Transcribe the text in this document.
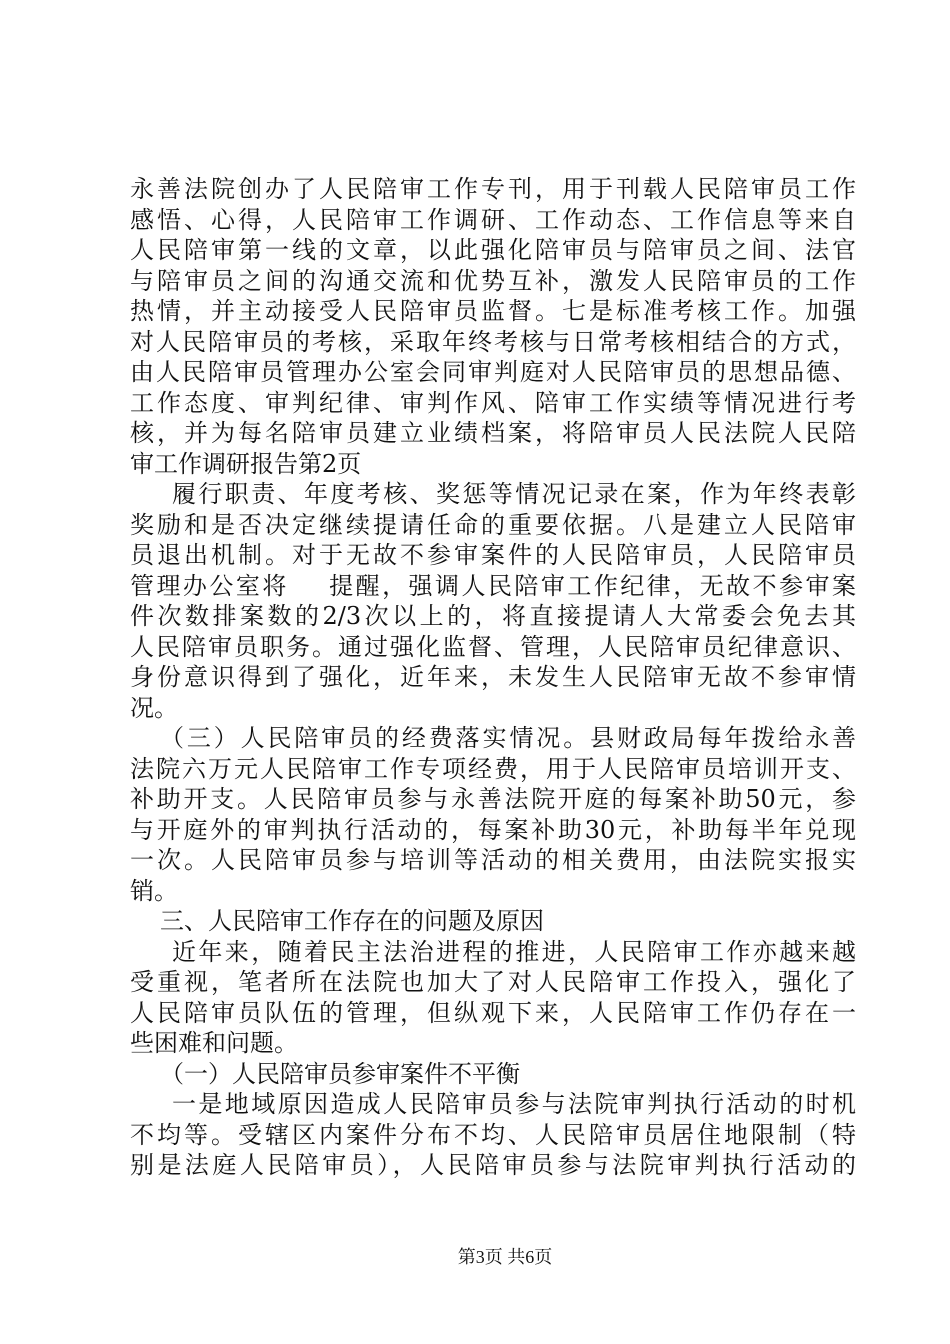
永善法院创办了人民陪审工作专刊，用于刊载人民陪审员工作
感悟、心得，人民陪审工作调研、工作动态、工作信息等来自
人民陪审第一线的文章，以此强化陪审员与陪审员之间、法官
与陪审员之间的沟通交流和优势互补，激发人民陪审员的工作
热情，并主动接受人民陪审员监督。七是标准考核工作。加强
对人民陪审员的考核，采取年终考核与日常考核相结合的方式，
由人民陪审员管理办公室会同审判庭对人民陪审员的思想品德、
工作态度、审判纪律、审判作风、陪审工作实绩等情况进行考
核，并为每名陪审员建立业绩档案，将陪审员人民法院人民陪
审工作调研报告第2页
履行职责、年度考核、奖惩等情况记录在案，作为年终表彰
奖励和是否决定继续提请任命的重要依据。八是建立人民陪审
员退出机制。对于无故不参审案件的人民陪审员，人民陪审员
管理办公室将    提醒，强调人民陪审工作纪律，无故不参审案
件次数排案数的2/3次以上的，将直接提请人大常委会免去其
人民陪审员职务。通过强化监督、管理，人民陪审员纪律意识、
身份意识得到了强化，近年来，未发生人民陪审无故不参审情
况。
（三）人民陪审员的经费落实情况。县财政局每年拨给永善
法院六万元人民陪审工作专项经费，用于人民陪审员培训开支、
补助开支。人民陪审员参与永善法院开庭的每案补助50元，参
与开庭外的审判执行活动的，每案补助30元，补助每半年兑现
一次。人民陪审员参与培训等活动的相关费用，由法院实报实
销。
三、人民陪审工作存在的问题及原因
近年来，随着民主法治进程的推进，人民陪审工作亦越来越
受重视，笔者所在法院也加大了对人民陪审工作投入，强化了
人民陪审员队伍的管理，但纵观下来，人民陪审工作仍存在一
些困难和问题。
（一）人民陪审员参审案件不平衡
一是地域原因造成人民陪审员参与法院审判执行活动的时机
不均等。受辖区内案件分布不均、人民陪审员居住地限制（特
别是法庭人民陪审员），人民陪审员参与法院审判执行活动的
第3页 共6页
